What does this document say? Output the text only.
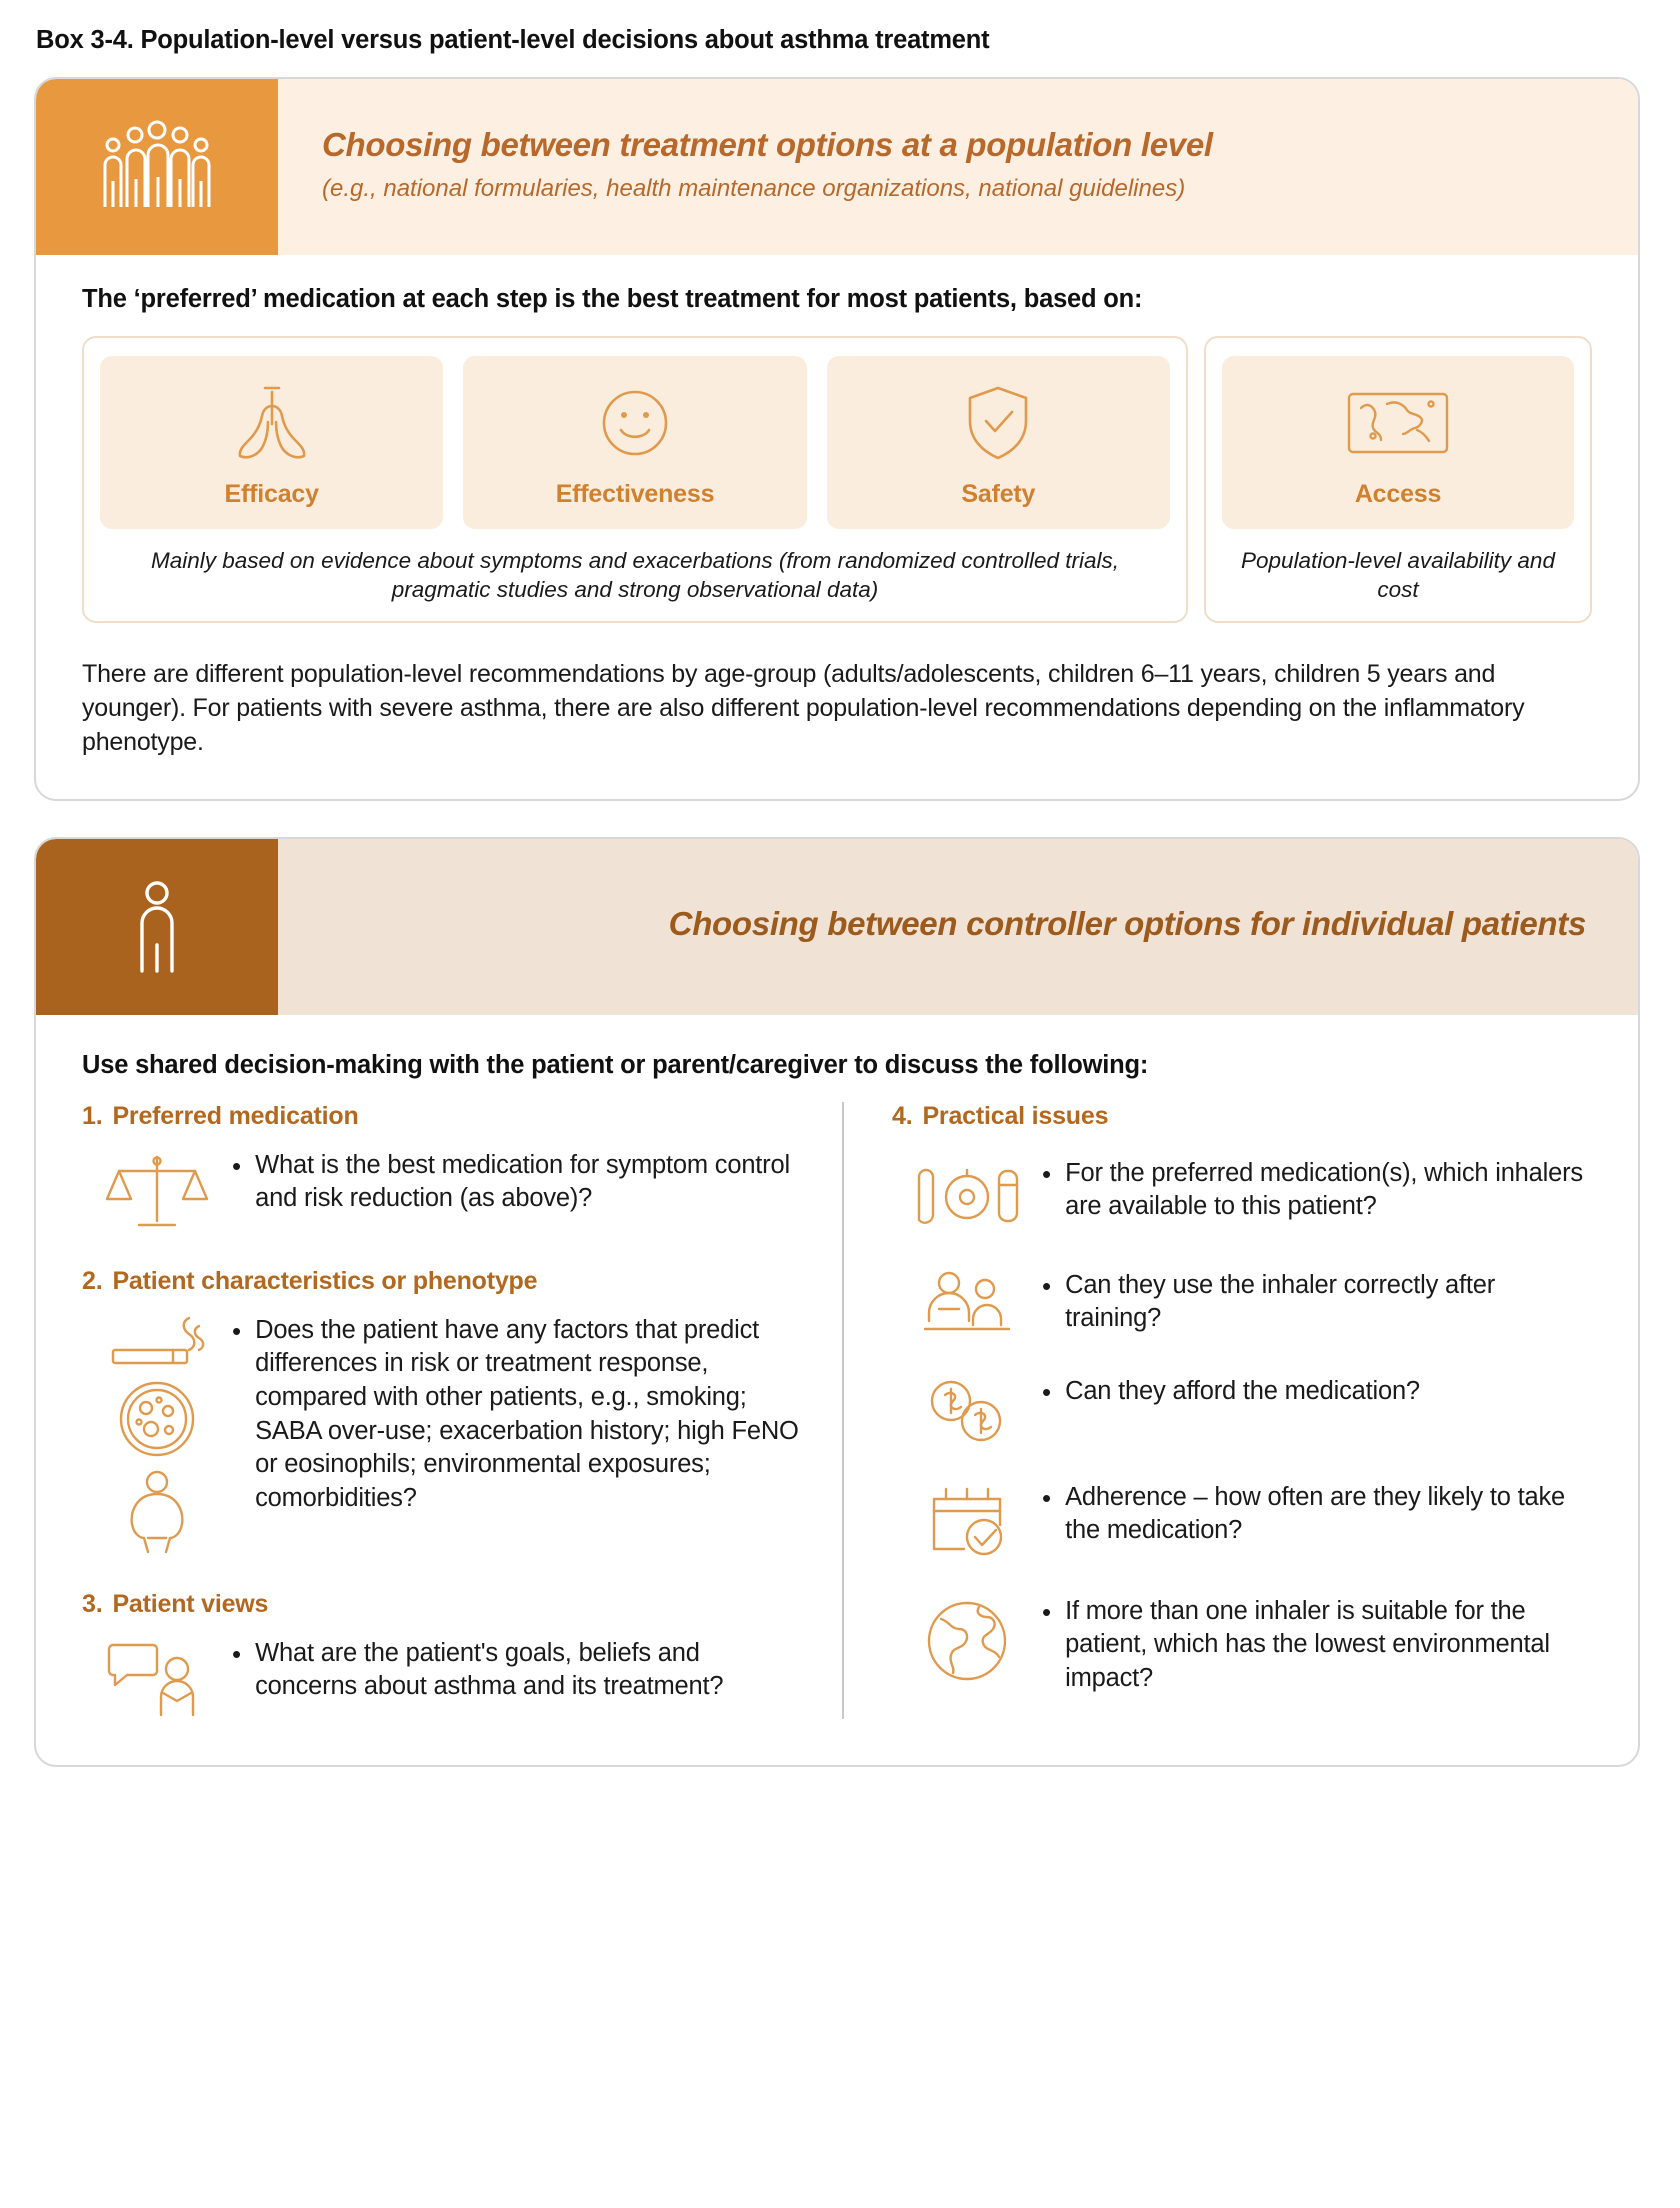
Box 3-4. Population-level versus patient-level decisions about asthma treatment
Choosing between treatment options at a population level
(e.g., national formularies, health maintenance organizations, national guidelines)
The ‘preferred’ medication at each step is the best treatment for most patients, based on:
Efficacy	Effectiveness	Safety
Mainly based on evidence about symptoms and exacerbations (from randomized controlled trials, pragmatic studies and strong observational data)
Access
Population-level availability and cost
There are different population-level recommendations by age-group (adults/adolescents, children 6–11 years, children 5 years and younger). For patients with severe asthma, there are also different population-level recommendations depending on the inflammatory phenotype.
Choosing between controller options for individual patients
Use shared decision-making with the patient or parent/caregiver to discuss the following:
1. Preferred medication
• What is the best medication for symptom control and risk reduction (as above)?
2. Patient characteristics or phenotype
• Does the patient have any factors that predict differences in risk or treatment response, compared with other patients, e.g., smoking; SABA over-use; exacerbation history; high FeNO or eosinophils; environmental exposures; comorbidities?
3. Patient views
• What are the patient's goals, beliefs and concerns about asthma and its treatment?
4. Practical issues
• For the preferred medication(s), which inhalers are available to this patient?
• Can they use the inhaler correctly after training?
• Can they afford the medication?
• Adherence – how often are they likely to take the medication?
• If more than one inhaler is suitable for the patient, which has the lowest environmental impact?
